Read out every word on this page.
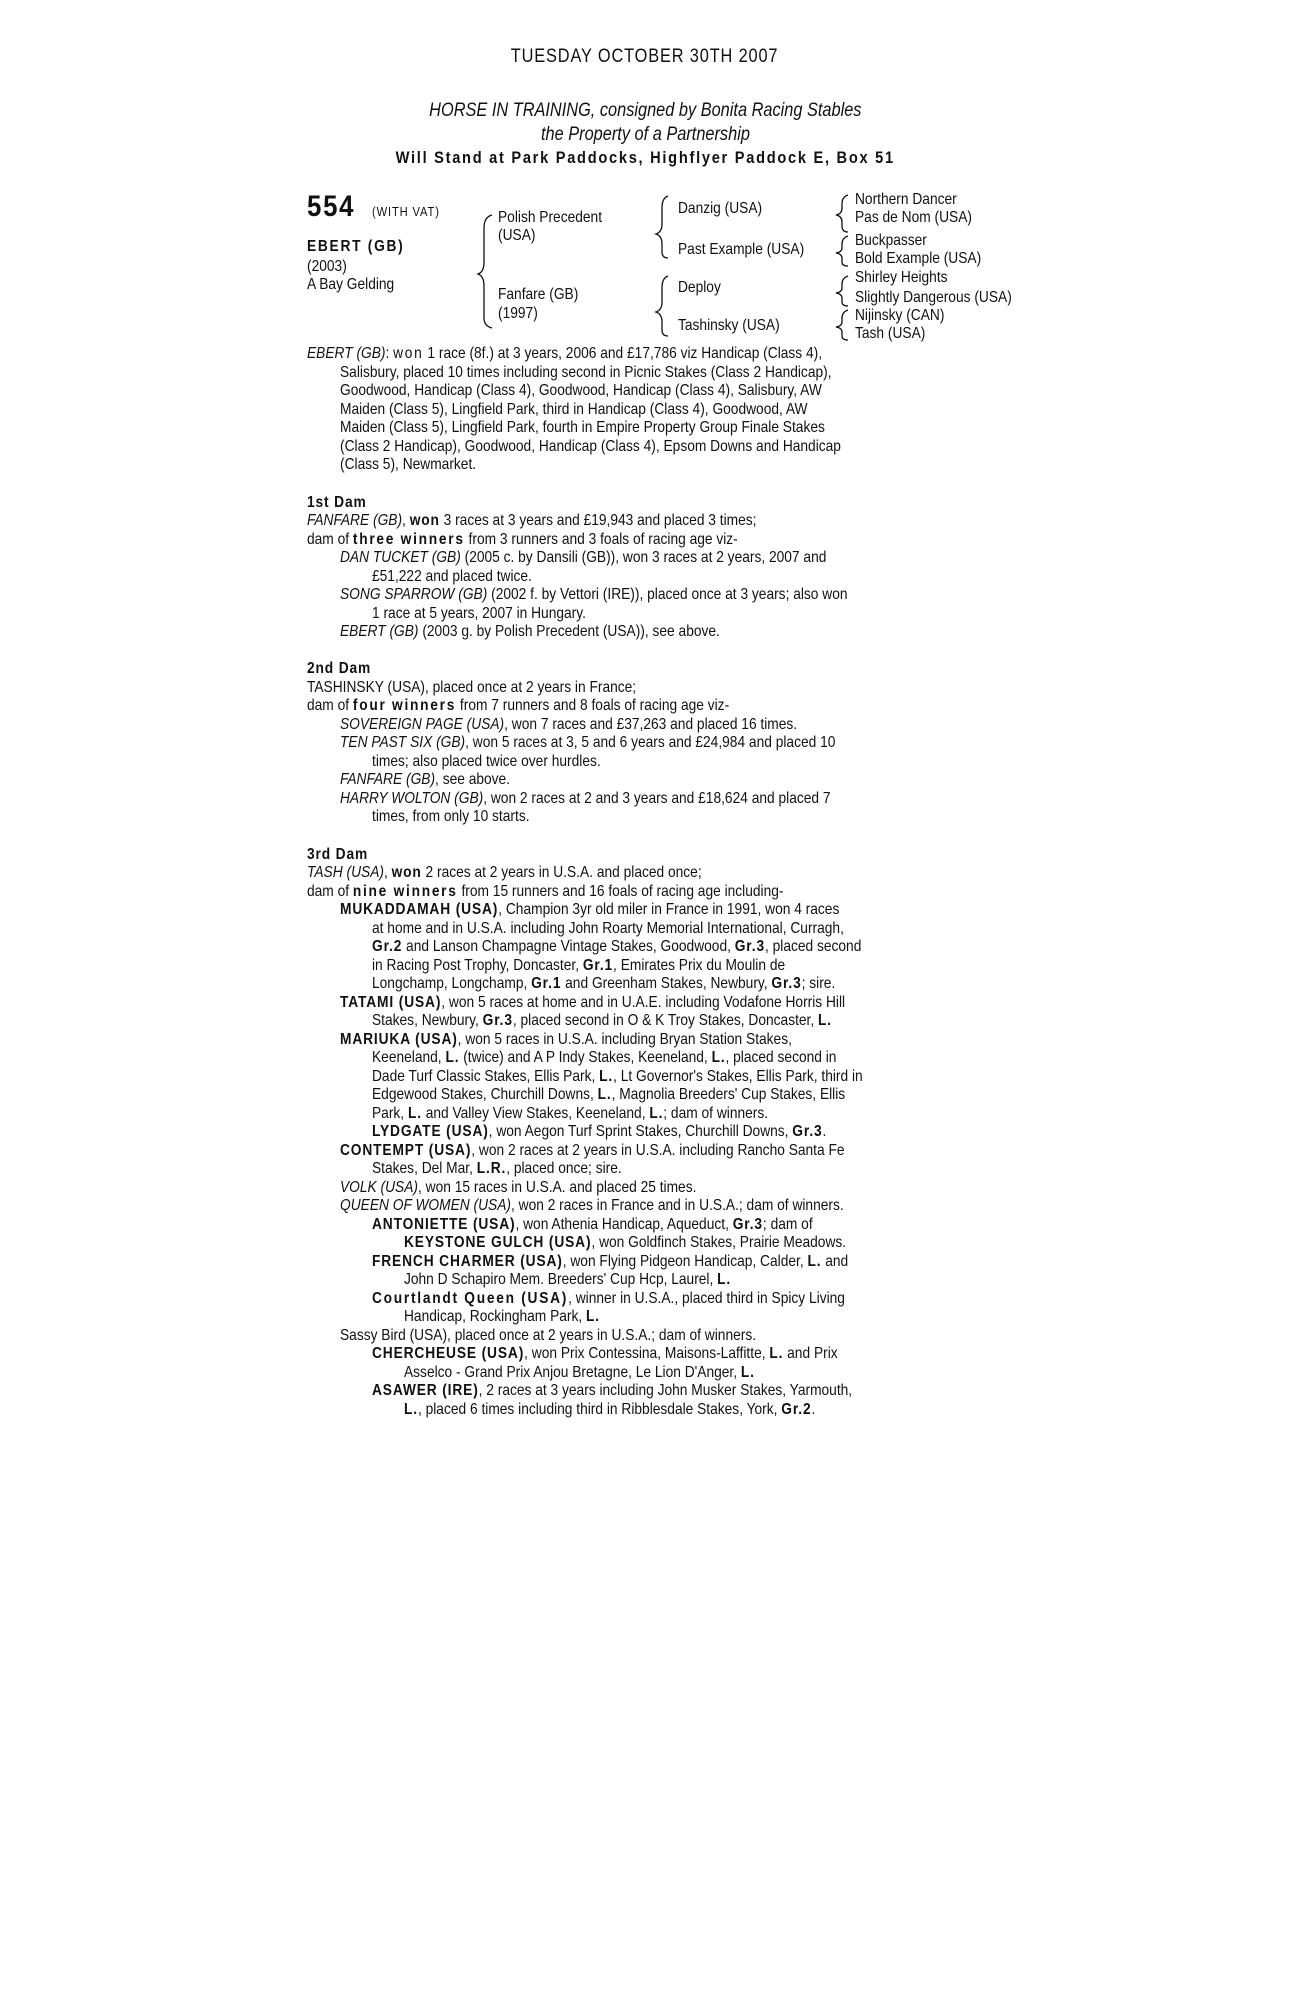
TUESDAY OCTOBER 30TH 2007
HORSE IN TRAINING, consigned by Bonita Racing Stables
the Property of a Partnership
Will Stand at Park Paddocks, Highflyer Paddock E, Box 51
554	(WITH VAT)
EBERT (GB)
(2003)
A Bay Gelding
Polish Precedent
(USA)
Fanfare (GB)
(1997)
Danzig (USA)
Past Example (USA)
Deploy
Tashinsky (USA)
Northern Dancer
Pas de Nom (USA)
Buckpasser
Bold Example (USA)
Shirley Heights
Slightly Dangerous (USA)
Nijinsky (CAN)
Tash (USA)
EBERT (GB): won 1 race (8f.) at 3 years, 2006 and £17,786 viz Handicap (Class 4),
Salisbury, placed 10 times including second in Picnic Stakes (Class 2 Handicap),
Goodwood, Handicap (Class 4), Goodwood, Handicap (Class 4), Salisbury, AW
Maiden (Class 5), Lingfield Park, third in Handicap (Class 4), Goodwood, AW
Maiden (Class 5), Lingfield Park, fourth in Empire Property Group Finale Stakes
(Class 2 Handicap), Goodwood, Handicap (Class 4), Epsom Downs and Handicap
(Class 5), Newmarket.
1st Dam
FANFARE (GB), won 3 races at 3 years and £19,943 and placed 3 times;
dam of three winners from 3 runners and 3 foals of racing age viz-
DAN TUCKET (GB) (2005 c. by Dansili (GB)), won 3 races at 2 years, 2007 and
£51,222 and placed twice.
SONG SPARROW (GB) (2002 f. by Vettori (IRE)), placed once at 3 years; also won
1 race at 5 years, 2007 in Hungary.
EBERT (GB) (2003 g. by Polish Precedent (USA)), see above.
2nd Dam
TASHINSKY (USA), placed once at 2 years in France;
dam of four winners from 7 runners and 8 foals of racing age viz-
SOVEREIGN PAGE (USA), won 7 races and £37,263 and placed 16 times.
TEN PAST SIX (GB), won 5 races at 3, 5 and 6 years and £24,984 and placed 10
times; also placed twice over hurdles.
FANFARE (GB), see above.
HARRY WOLTON (GB), won 2 races at 2 and 3 years and £18,624 and placed 7
times, from only 10 starts.
3rd Dam
TASH (USA), won 2 races at 2 years in U.S.A. and placed once;
dam of nine winners from 15 runners and 16 foals of racing age including-
MUKADDAMAH (USA), Champion 3yr old miler in France in 1991, won 4 races
at home and in U.S.A. including John Roarty Memorial International, Curragh,
Gr.2 and Lanson Champagne Vintage Stakes, Goodwood, Gr.3, placed second
in Racing Post Trophy, Doncaster, Gr.1, Emirates Prix du Moulin de
Longchamp, Longchamp, Gr.1 and Greenham Stakes, Newbury, Gr.3; sire.
TATAMI (USA), won 5 races at home and in U.A.E. including Vodafone Horris Hill
Stakes, Newbury, Gr.3, placed second in O & K Troy Stakes, Doncaster, L.
MARIUKA (USA), won 5 races in U.S.A. including Bryan Station Stakes,
Keeneland, L. (twice) and A P Indy Stakes, Keeneland, L., placed second in
Dade Turf Classic Stakes, Ellis Park, L., Lt Governor's Stakes, Ellis Park, third in
Edgewood Stakes, Churchill Downs, L., Magnolia Breeders' Cup Stakes, Ellis
Park, L. and Valley View Stakes, Keeneland, L.; dam of winners.
LYDGATE (USA), won Aegon Turf Sprint Stakes, Churchill Downs, Gr.3.
CONTEMPT (USA), won 2 races at 2 years in U.S.A. including Rancho Santa Fe
Stakes, Del Mar, L.R., placed once; sire.
VOLK (USA), won 15 races in U.S.A. and placed 25 times.
QUEEN OF WOMEN (USA), won 2 races in France and in U.S.A.; dam of winners.
ANTONIETTE (USA), won Athenia Handicap, Aqueduct, Gr.3; dam of
KEYSTONE GULCH (USA), won Goldfinch Stakes, Prairie Meadows.
FRENCH CHARMER (USA), won Flying Pidgeon Handicap, Calder, L. and
John D Schapiro Mem. Breeders' Cup Hcp, Laurel, L.
Courtlandt Queen (USA), winner in U.S.A., placed third in Spicy Living
Handicap, Rockingham Park, L.
Sassy Bird (USA), placed once at 2 years in U.S.A.; dam of winners.
CHERCHEUSE (USA), won Prix Contessina, Maisons-Laffitte, L. and Prix
Asselco - Grand Prix Anjou Bretagne, Le Lion D'Anger, L.
ASAWER (IRE), 2 races at 3 years including John Musker Stakes, Yarmouth,
L., placed 6 times including third in Ribblesdale Stakes, York, Gr.2.
